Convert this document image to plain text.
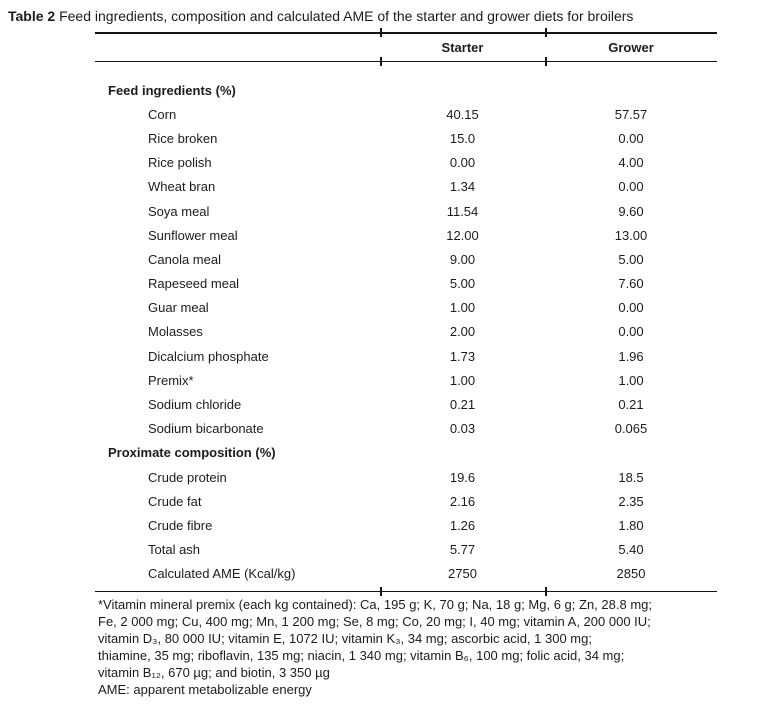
Table 2 Feed ingredients, composition and calculated AME of the starter and grower diets for broilers
Starter	Grower
Feed ingredients (%)
Corn	40.15	57.57
Rice broken	15.0	0.00
Rice polish	0.00	4.00
Wheat bran	1.34	0.00
Soya meal	11.54	9.60
Sunflower meal	12.00	13.00
Canola meal	9.00	5.00
Rapeseed meal	5.00	7.60
Guar meal	1.00	0.00
Molasses	2.00	0.00
Dicalcium phosphate	1.73	1.96
Premix*	1.00	1.00
Sodium chloride	0.21	0.21
Sodium bicarbonate	0.03	0.065
Proximate composition (%)
Crude protein	19.6	18.5
Crude fat	2.16	2.35
Crude fibre	1.26	1.80
Total ash	5.77	5.40
Calculated AME (Kcal/kg)	2750	2850
*Vitamin mineral premix (each kg contained): Ca, 195 g; K, 70 g; Na, 18 g; Mg, 6 g; Zn, 28.8 mg;
Fe, 2 000 mg; Cu, 400 mg; Mn, 1 200 mg; Se, 8 mg; Co, 20 mg; I, 40 mg; vitamin A, 200 000 IU;
vitamin D₃, 80 000 IU; vitamin E, 1072 IU; vitamin K₃, 34 mg; ascorbic acid, 1 300 mg;
thiamine, 35 mg; riboflavin, 135 mg; niacin, 1 340 mg; vitamin B₆, 100 mg; folic acid, 34 mg;
vitamin B₁₂, 670 µg; and biotin, 3 350 µg
AME: apparent metabolizable energy
